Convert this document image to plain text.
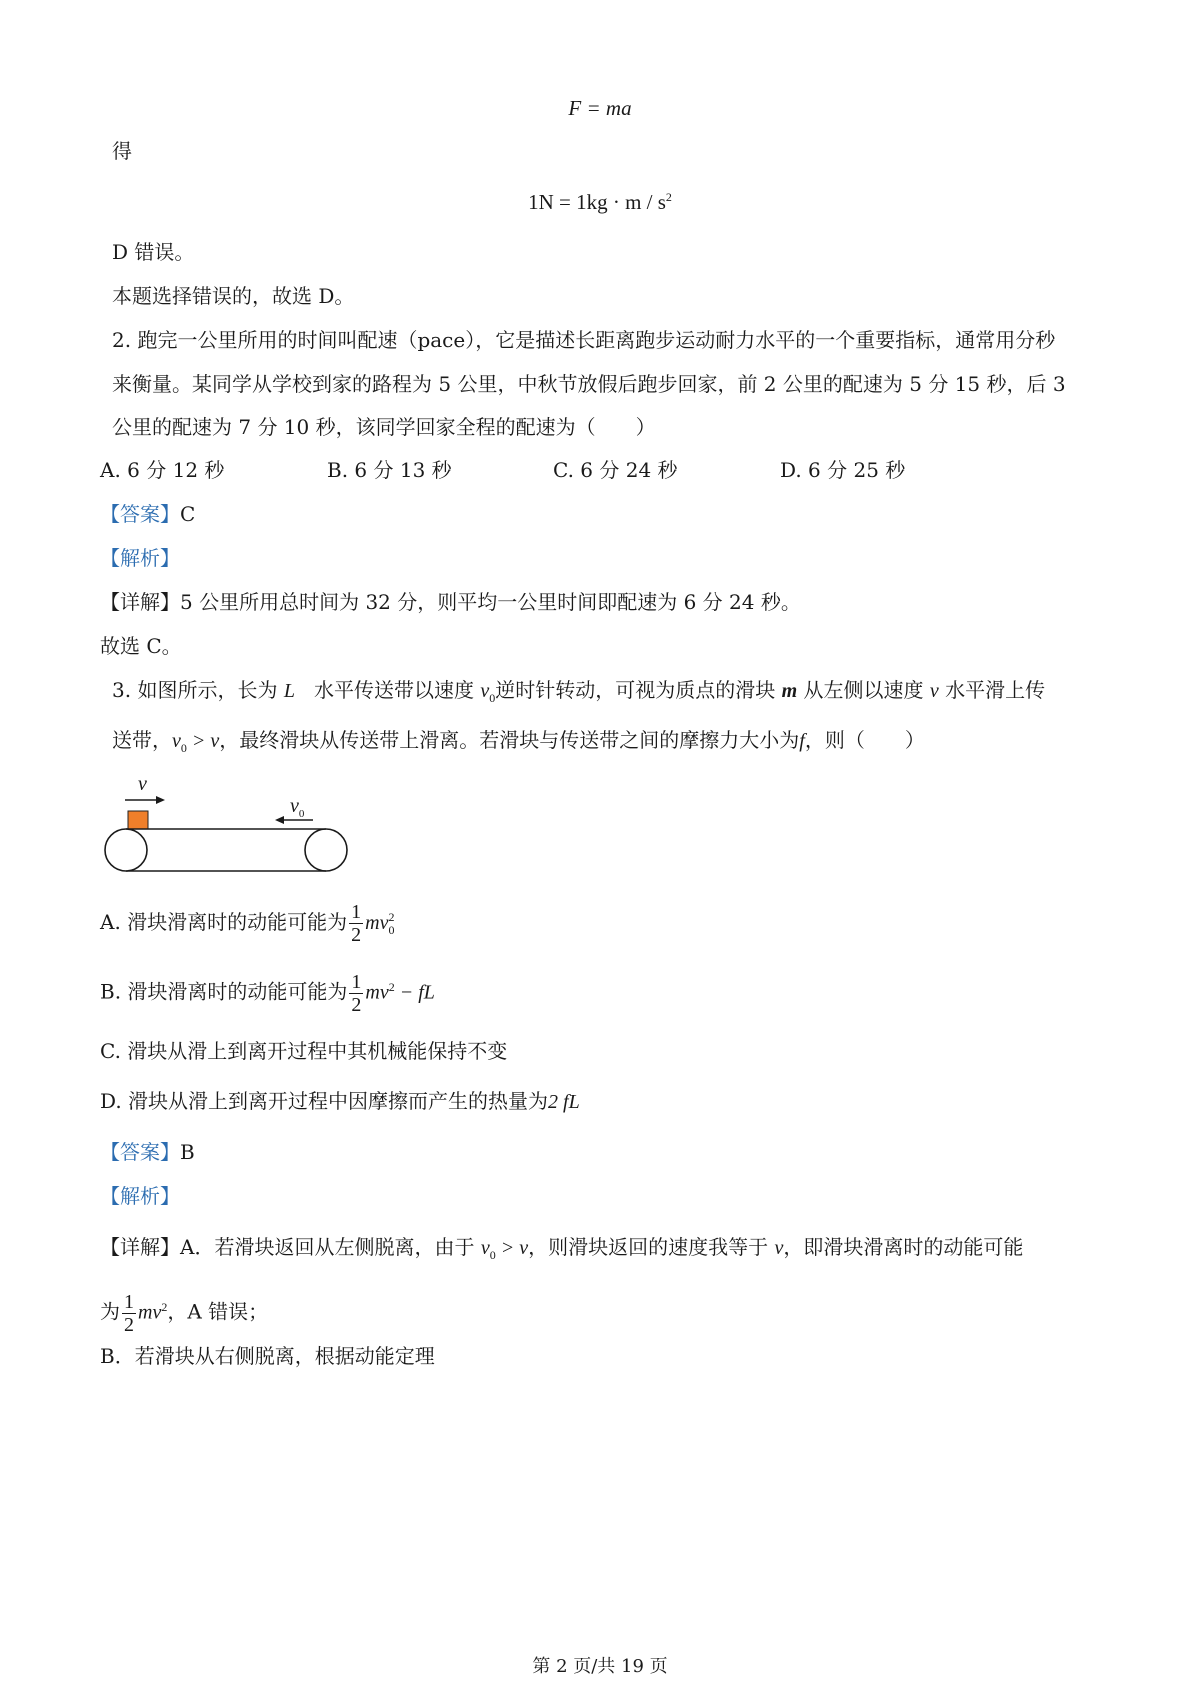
F = ma
得
$1N = 1kg \cdot m / s^2$
D 错误。
本题选择错误的，故选 D。
2. 跑完一公里所用的时间叫配速（pace），它是描述长距离跑步运动耐力水平的一个重要指标，通常用分秒
来衡量。某同学从学校到家的路程为 5 公里，中秋节放假后跑步回家，前 2 公里的配速为 5 分 15 秒，后 3
公里的配速为 7 分 10 秒，该同学回家全程的配速为（　　）
A. 6 分 12 秒	B. 6 分 13 秒	C. 6 分 24 秒	D. 6 分 25 秒
【答案】C
【解析】
【详解】5 公里所用总时间为 32 分，则平均一公里时间即配速为 6 分 24 秒。
故选 C。
3. 如图所示，长为 L 水平传送带以速度 $v_0$逆时针转动，可视为质点的滑块 m 从左侧以速度 v 水平滑上传
送带，$v_0 > v$，最终滑块从传送带上滑离。若滑块与传送带之间的摩擦力大小为f，则（　　）
v
$v_0$
A. 滑块滑离时的动能可能为 $\frac{1}{2}$ mv 2
0
B. 滑块滑离时的动能可能为 $\frac{1}{2} mv^2$ − fL
C. 滑块从滑上到离开过程中其机械能保持不变
D. 滑块从滑上到离开过程中因摩擦而产生的热量为2 fL
【答案】B
【解析】
【详解】A．若滑块返回从左侧脱离，由于 $v_0 > v$，则滑块返回的速度我等于 v，即滑块滑离时的动能可能
为 $\frac{1}{2} mv^2$，A 错误；
B．若滑块从右侧脱离，根据动能定理
第 2 页/共 19 页
